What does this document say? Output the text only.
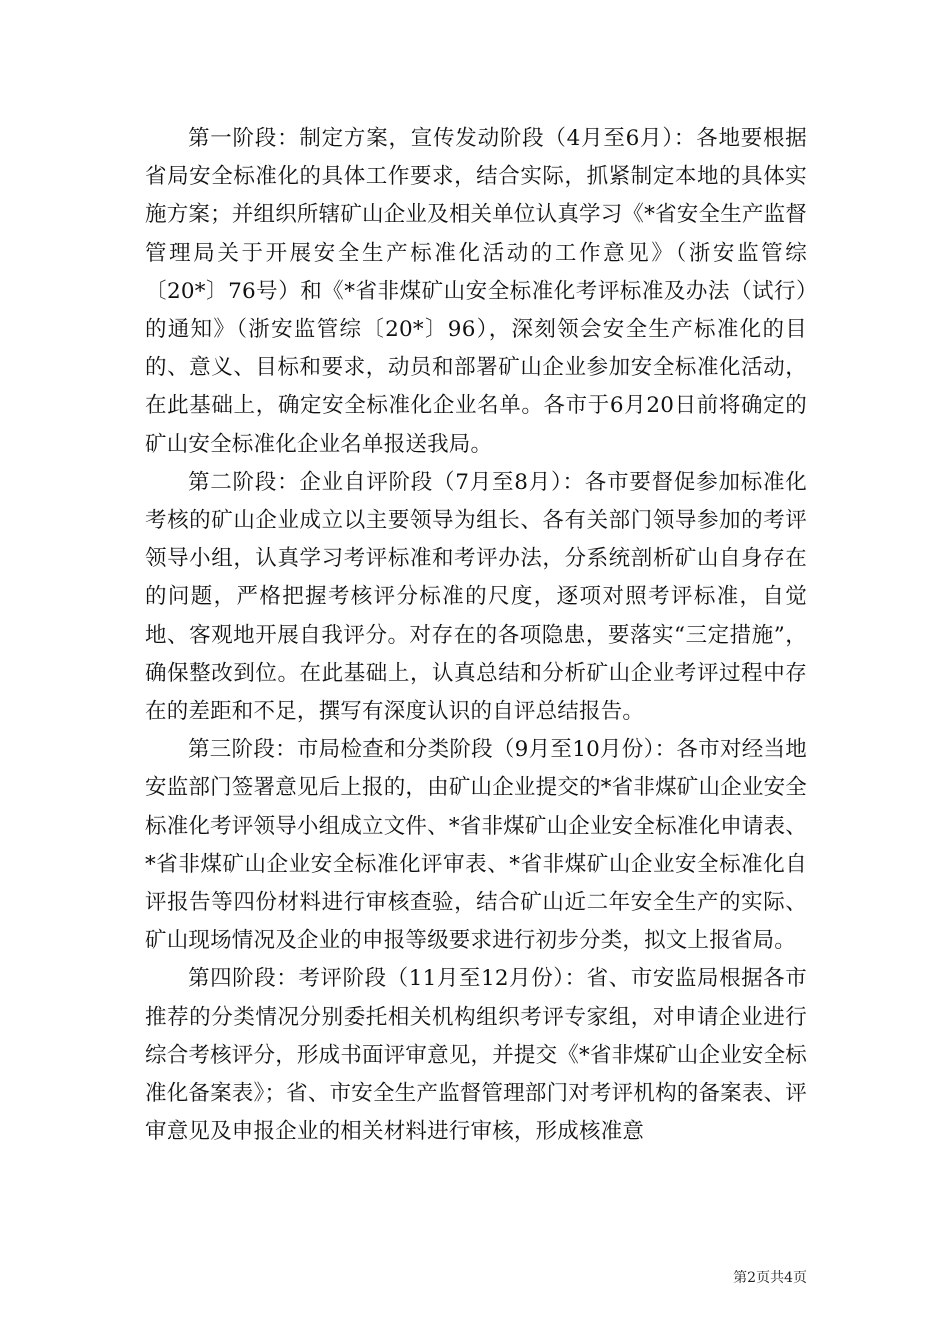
第一阶段：制定方案，宣传发动阶段（4月至6月）：各地要根据省局安全标准化的具体工作要求，结合实际，抓紧制定本地的具体实施方案；并组织所辖矿山企业及相关单位认真学习《*省安全生产监督管理局关于开展安全生产标准化活动的工作意见》（浙安监管综〔20*〕76号）和《*省非煤矿山安全标准化考评标准及办法（试行）的通知》（浙安监管综〔20*〕96），深刻领会安全生产标准化的目的、意义、目标和要求，动员和部署矿山企业参加安全标准化活动，在此基础上，确定安全标准化企业名单。各市于6月20日前将确定的矿山安全标准化企业名单报送我局。

第二阶段：企业自评阶段（7月至8月）：各市要督促参加标准化考核的矿山企业成立以主要领导为组长、各有关部门领导参加的考评领导小组，认真学习考评标准和考评办法，分系统剖析矿山自身存在的问题，严格把握考核评分标准的尺度，逐项对照考评标准，自觉地、客观地开展自我评分。对存在的各项隐患，要落实“三定措施”，确保整改到位。在此基础上，认真总结和分析矿山企业考评过程中存在的差距和不足，撰写有深度认识的自评总结报告。

第三阶段：市局检查和分类阶段（9月至10月份）：各市对经当地安监部门签署意见后上报的，由矿山企业提交的*省非煤矿山企业安全标准化考评领导小组成立文件、*省非煤矿山企业安全标准化申请表、*省非煤矿山企业安全标准化评审表、*省非煤矿山企业安全标准化自评报告等四份材料进行审核查验，结合矿山近二年安全生产的实际、矿山现场情况及企业的申报等级要求进行初步分类，拟文上报省局。

第四阶段：考评阶段（11月至12月份）：省、市安监局根据各市推荐的分类情况分别委托相关机构组织考评专家组，对申请企业进行综合考核评分，形成书面评审意见，并提交《*省非煤矿山企业安全标准化备案表》；省、市安全生产监督管理部门对考评机构的备案表、评审意见及申报企业的相关材料进行审核，形成核准意

第2页共4页
